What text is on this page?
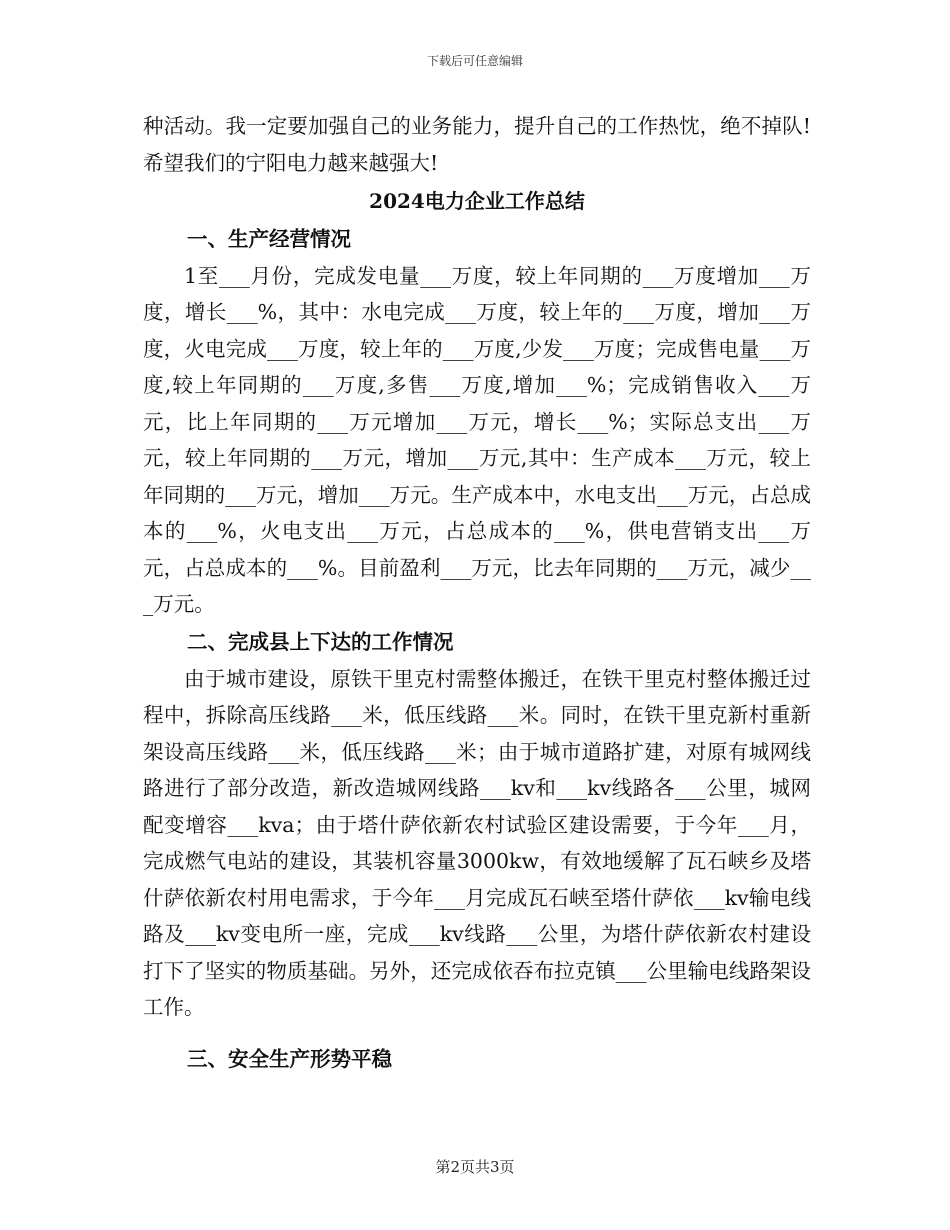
下载后可任意编辑

种活动。我一定要加强自己的业务能力，提升自己的工作热忱，绝不掉队!希望我们的宁阳电力越来越强大!

2024电力企业工作总结

一、生产经营情况

1至___月份，完成发电量___万度，较上年同期的___万度增加___万度，增长___%，其中：水电完成___万度，较上年的___万度，增加___万度，火电完成___万度，较上年的___万度,少发___万度；完成售电量___万度,较上年同期的___万度,多售___万度,增加___%；完成销售收入___万元，比上年同期的___万元增加___万元，增长___%；实际总支出___万元，较上年同期的___万元，增加___万元,其中：生产成本___万元，较上年同期的___万元，增加___万元。生产成本中，水电支出___万元，占总成本的___%，火电支出___万元，占总成本的___%，供电营销支出___万元，占总成本的___%。目前盈利___万元，比去年同期的___万元，减少___万元。

二、完成县上下达的工作情况

由于城市建设，原铁干里克村需整体搬迁，在铁干里克村整体搬迁过程中，拆除高压线路___米，低压线路___米。同时，在铁干里克新村重新架设高压线路___米，低压线路___米；由于城市道路扩建，对原有城网线路进行了部分改造，新改造城网线路___kv和___kv线路各___公里，城网配变增容___kva；由于塔什萨依新农村试验区建设需要，于今年___月，完成燃气电站的建设，其装机容量3000kw，有效地缓解了瓦石峡乡及塔什萨依新农村用电需求，于今年___月完成瓦石峡至塔什萨依___kv输电线路及___kv变电所一座，完成___kv线路___公里，为塔什萨依新农村建设打下了坚实的物质基础。另外，还完成依吞布拉克镇___公里输电线路架设工作。

三、安全生产形势平稳

第2页共3页
